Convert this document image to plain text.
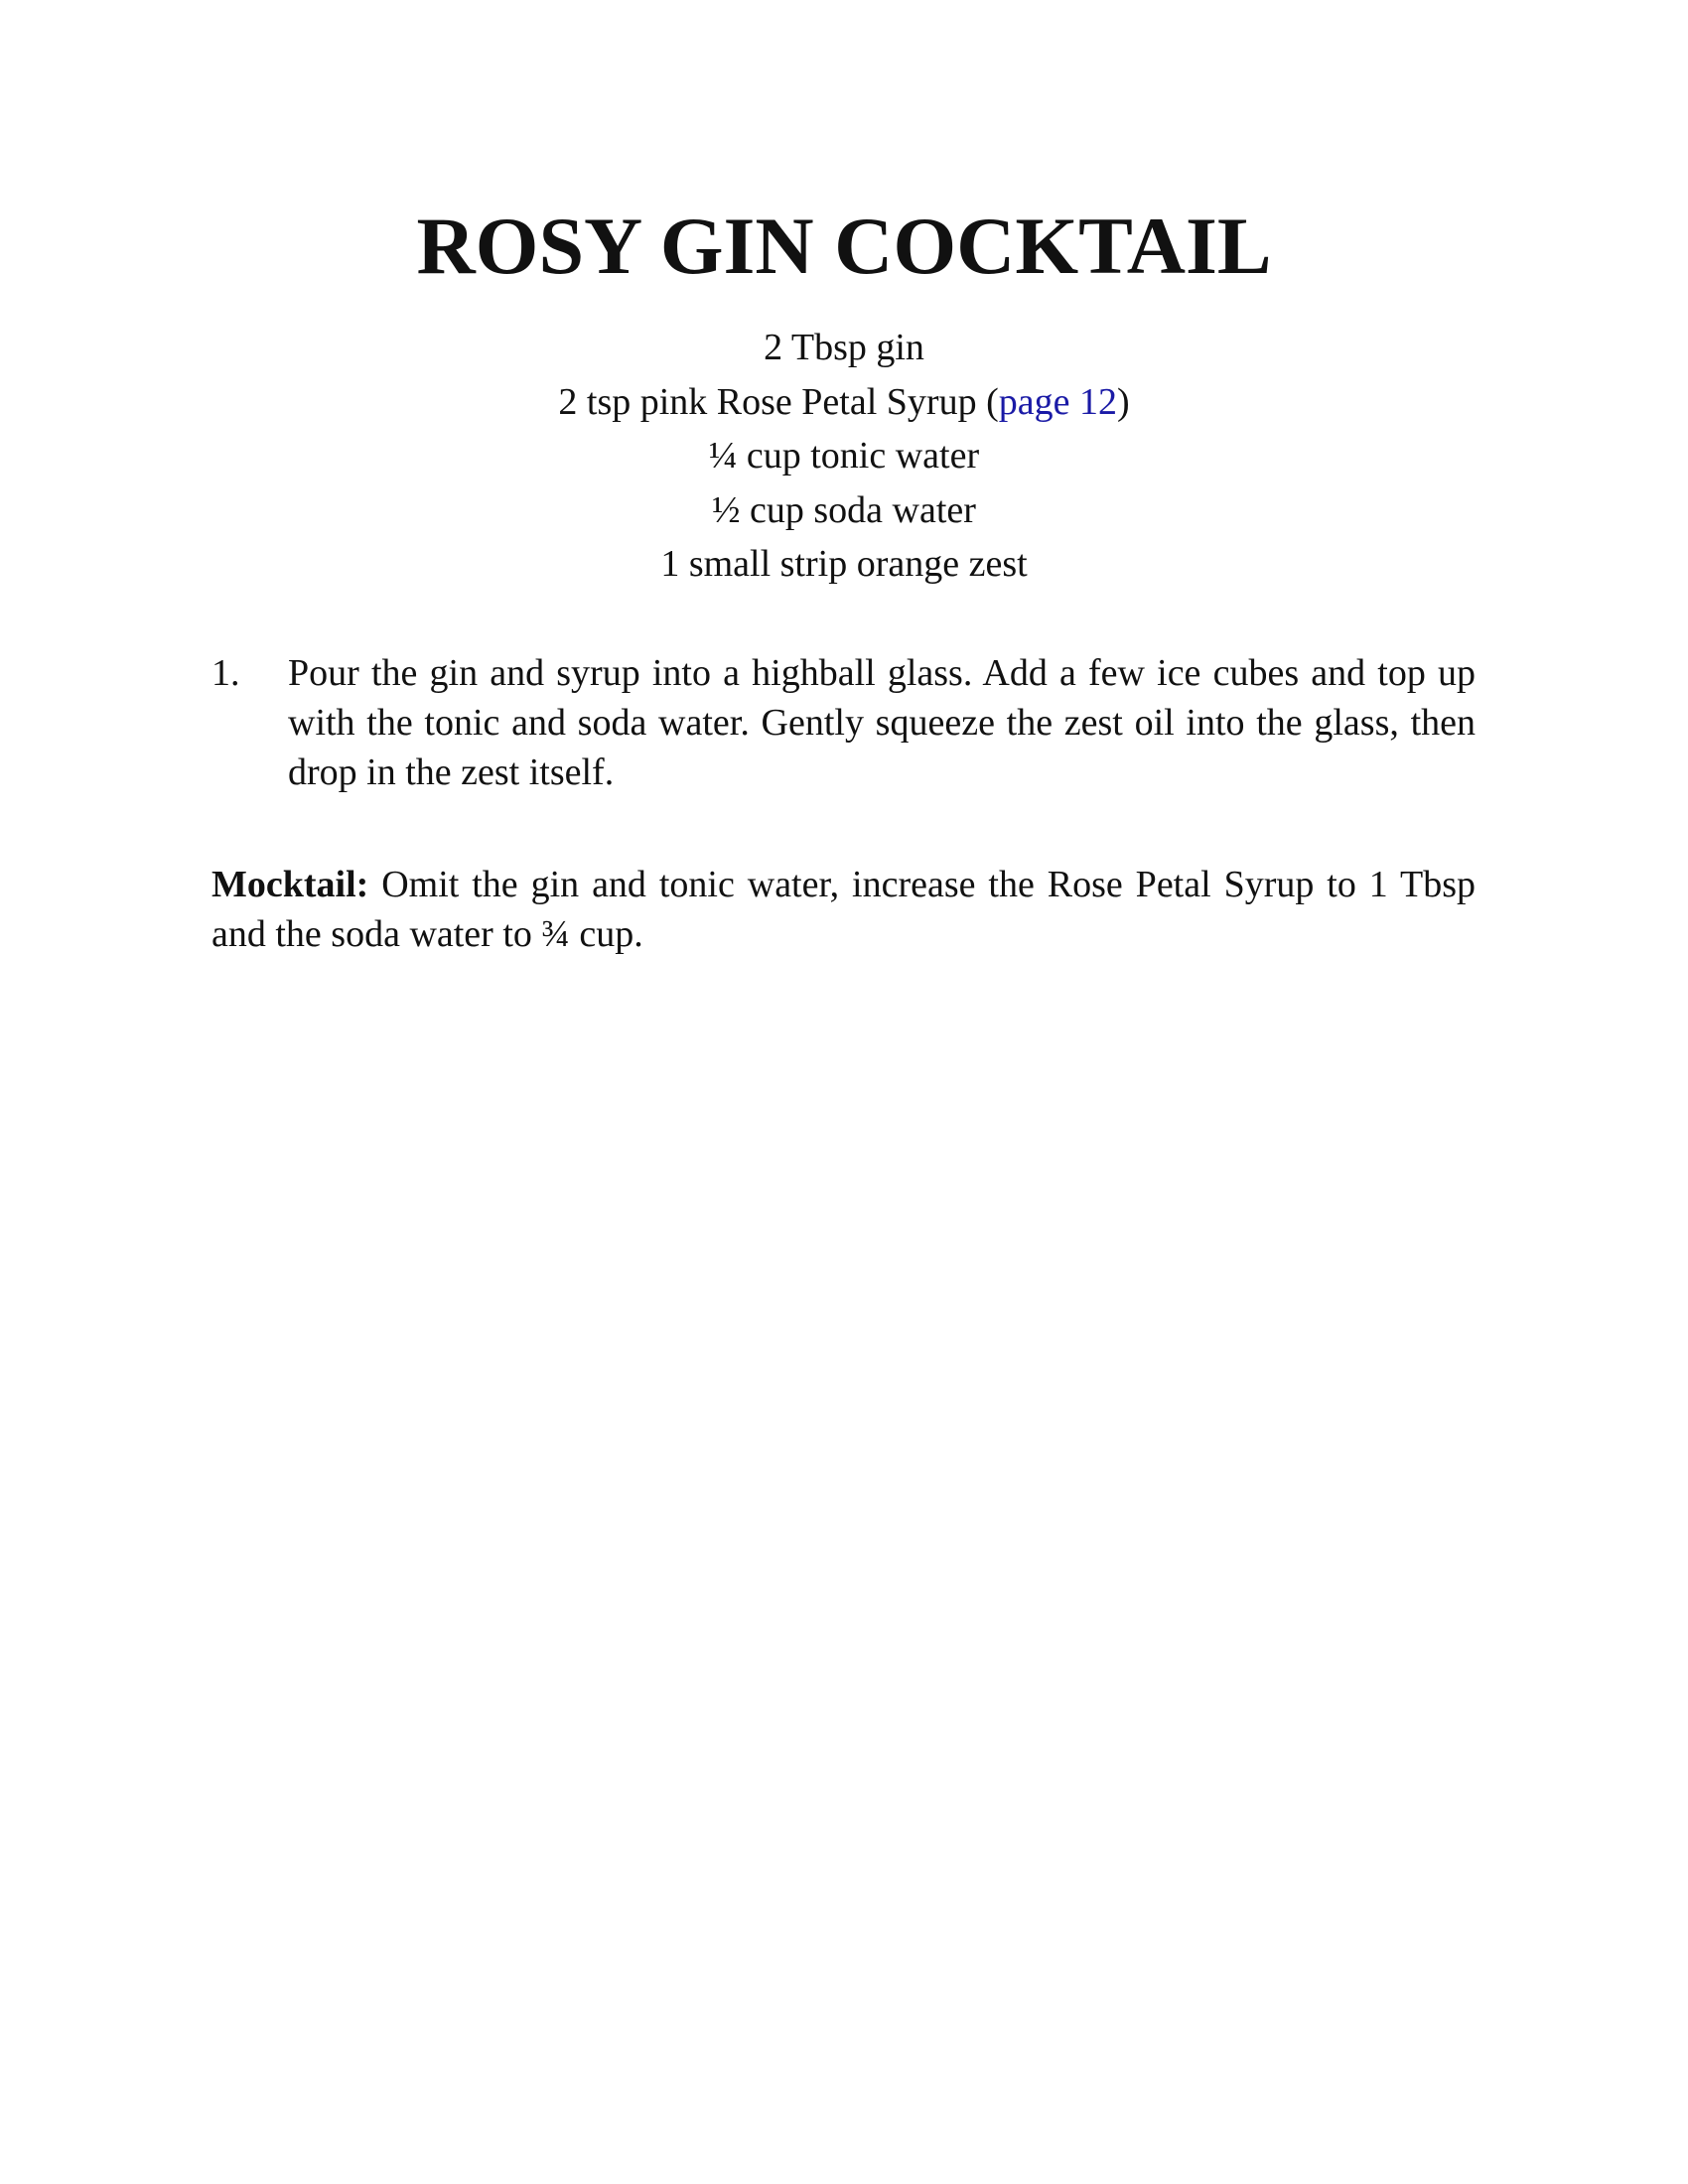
ROSY GIN COCKTAIL
2 Tbsp gin
2 tsp pink Rose Petal Syrup (page 12)
¼ cup tonic water
½ cup soda water
1 small strip orange zest
1. Pour the gin and syrup into a highball glass. Add a few ice cubes and top up with the tonic and soda water. Gently squeeze the zest oil into the glass, then drop in the zest itself.

Mocktail: Omit the gin and tonic water, increase the Rose Petal Syrup to 1 Tbsp and the soda water to ¾ cup.
